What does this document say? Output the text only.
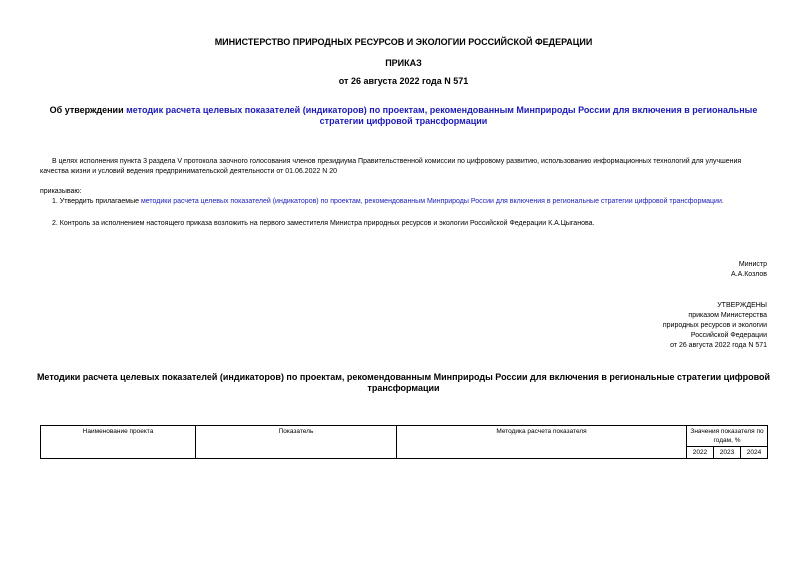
МИНИСТЕРСТВО ПРИРОДНЫХ РЕСУРСОВ И ЭКОЛОГИИ РОССИЙСКОЙ ФЕДЕРАЦИИ
ПРИКАЗ
от 26 августа 2022 года N 571
Об утверждении методик расчета целевых показателей (индикаторов) по проектам, рекомендованным Минприроды России для включения в региональные
стратегии цифровой трансформации
В целях исполнения пункта 3 раздела V протокола заочного голосования членов президиума Правительственной комиссии по цифровому развитию, использованию информационных технологий для улучшения
качества жизни и условий ведения предпринимательской деятельности от 01.06.2022 N 20
приказываю:
1. Утвердить прилагаемые методики расчета целевых показателей (индикаторов) по проектам, рекомендованным Минприроды России для включения в региональные стратегии цифровой трансформации.
2. Контроль за исполнением настоящего приказа возложить на первого заместителя Министра природных ресурсов и экологии Российской Федерации К.А.Цыганова.
Министр
А.А.Козлов
УТВЕРЖДЕНЫ
приказом Министерства
природных ресурсов и экологии
Российской Федерации
от 26 августа 2022 года N 571
Методики расчета целевых показателей (индикаторов) по проектам, рекомендованным Минприроды России для включения в региональные стратегии цифровой
трансформации
Наименование проекта	Показатель	Методика расчета показателя	Значения показателя по годам, %		
			2022	2023	2024
